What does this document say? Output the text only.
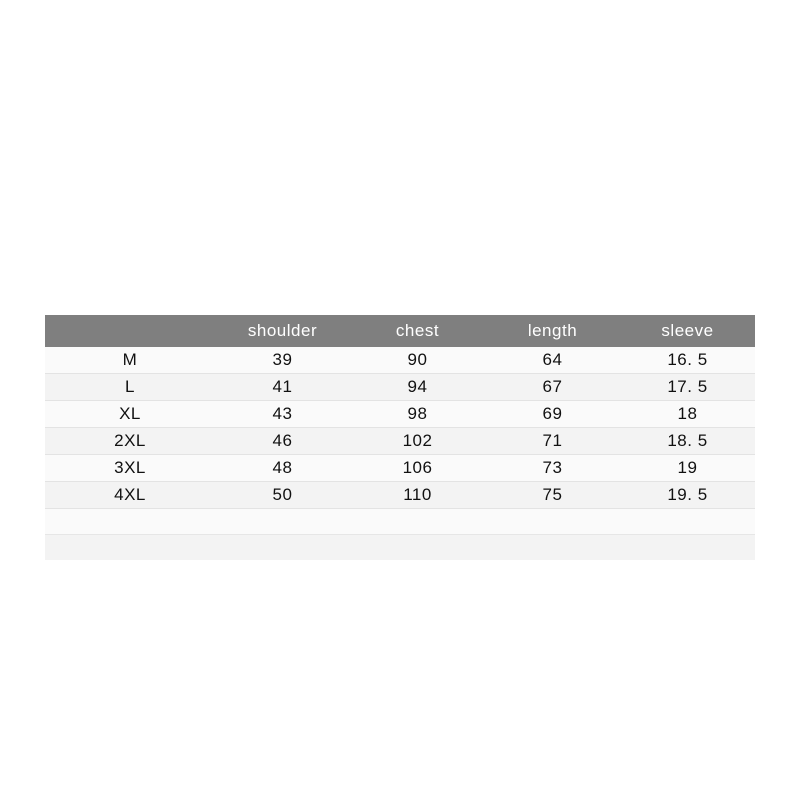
	shoulder	chest	length	sleeve
M	39	90	64	16. 5
L	41	94	67	17. 5
XL	43	98	69	18
2XL	46	102	71	18. 5
3XL	48	106	73	19
4XL	50	110	75	19. 5
